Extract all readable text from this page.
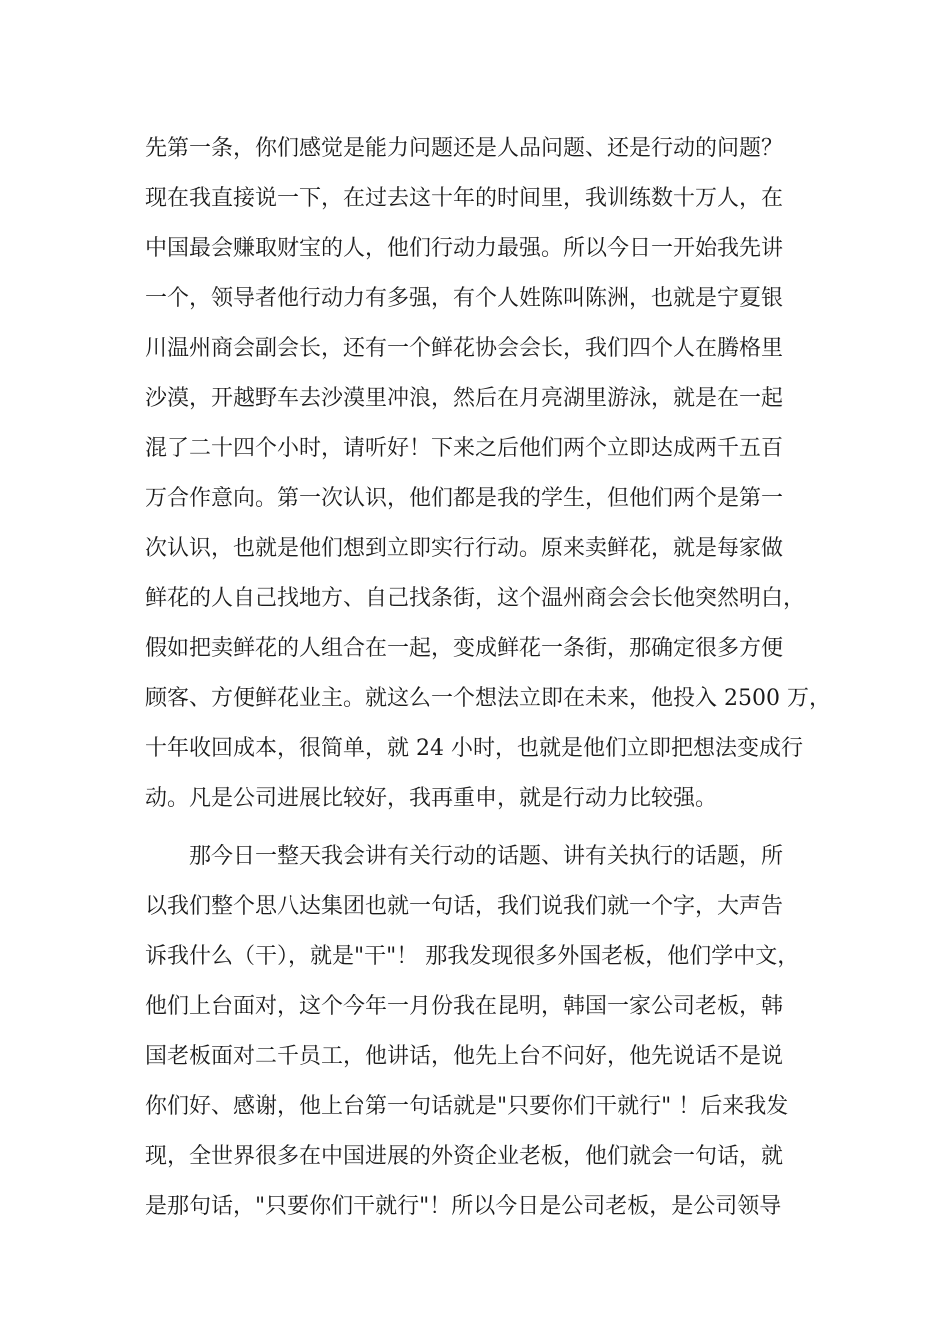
先第一条，你们感觉是能力问题还是人品问题、还是行动的问题？
现在我直接说一下，在过去这十年的时间里，我训练数十万人，在
中国最会赚取财宝的人，他们行动力最强。所以今日一开始我先讲
一个，领导者他行动力有多强，有个人姓陈叫陈洲，也就是宁夏银
川温州商会副会长，还有一个鲜花协会会长，我们四个人在腾格里
沙漠，开越野车去沙漠里冲浪，然后在月亮湖里游泳，就是在一起
混了二十四个小时，请听好！下来之后他们两个立即达成两千五百
万合作意向。第一次认识，他们都是我的学生，但他们两个是第一
次认识，也就是他们想到立即实行行动。原来卖鲜花，就是每家做
鲜花的人自己找地方、自己找条街，这个温州商会会长他突然明白，
假如把卖鲜花的人组合在一起，变成鲜花一条街，那确定很多方便
顾客、方便鲜花业主。就这么一个想法立即在未来，他投入 2500 万，
十年收回成本，很简单，就 24 小时，也就是他们立即把想法变成行
动。凡是公司进展比较好，我再重申，就是行动力比较强。
那今日一整天我会讲有关行动的话题、讲有关执行的话题，所
以我们整个思八达集团也就一句话，我们说我们就一个字，大声告
诉我什么（干），就是"干"！ 那我发现很多外国老板，他们学中文，
他们上台面对，这个今年一月份我在昆明，韩国一家公司老板，韩
国老板面对二千员工，他讲话，他先上台不问好，他先说话不是说
你们好、感谢，他上台第一句话就是"只要你们干就行" ！后来我发
现，全世界很多在中国进展的外资企业老板，他们就会一句话，就
是那句话，"只要你们干就行"！所以今日是公司老板，是公司领导
